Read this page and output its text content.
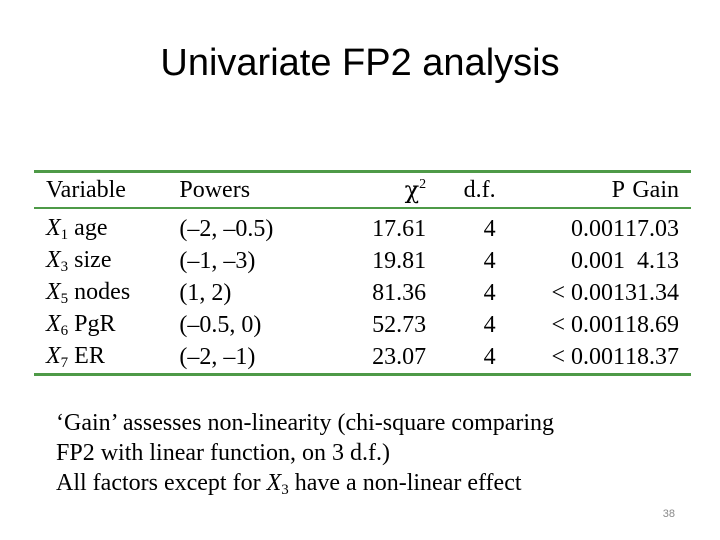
Univariate FP2 analysis
Variable	Powers	$\chi^2$	d.f.	P	Gain
X1 age	(–2, –0.5)	17.61	4	0.001	17.03
X3 size	(–1, –3)	19.81	4	0.001	4.13
X5 nodes	(1, 2)	81.36	4	< 0.001	31.34
X6 PgR	(–0.5, 0)	52.73	4	< 0.001	18.69
X7 ER	(–2, –1)	23.07	4	< 0.001	18.37
‘Gain’ assesses non-linearity (chi-square comparing
FP2 with linear function, on 3 d.f.)
All factors except for X3 have a non-linear effect
38
